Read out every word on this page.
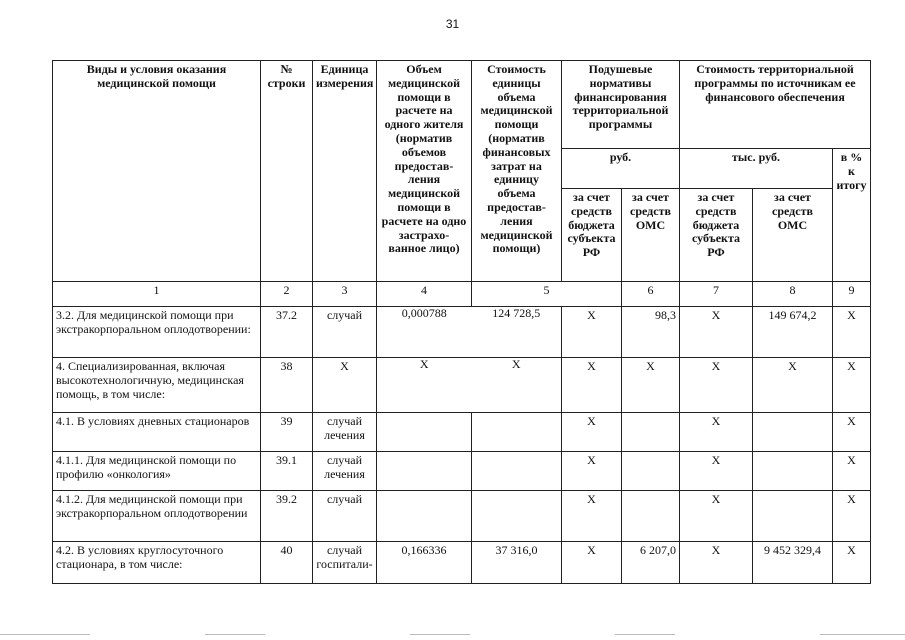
31
Виды и условия оказания медицинской помощи	№ строки	Единица измерения	Объем медицинской помощи в расчете на одного жителя (норматив объемов предостав-ления медицинской помощи в расчете на одно застрахо-ванное лицо)	Стоимость единицы объема медицинской помощи (норматив финансовых затрат на единицу объема предостав-ления медицинской помощи)	Подушевые нормативы финансирования территориальной программы		Стоимость территориальной программы по источникам ее финансового обеспечения		
					руб.		тыс. руб.		в % к итогу
					за счет средств бюджета субъекта РФ	за счет средств ОМС	за счет средств бюджета субъекта РФ	за счет средств ОМС	
1	2	3	4	5		6	7	8	9
3.2. Для медицинской помощи при экстракорпоральном оплодотворении:	37.2	случай	0,000788 124 728,5		Х	98,3	Х	149 674,2	Х
4. Специализированная, включая высокотехнологичную, медицинская помощь, в том числе:	38	Х	Х Х		Х	Х	Х	Х	Х
4.1. В условиях дневных стационаров	39	случай лечения			Х		Х		Х
4.1.1. Для медицинской помощи по профилю «онкология»	39.1	случай лечения			Х		Х		Х
4.1.2. Для медицинской помощи при экстракорпоральном оплодотворении	39.2	случай			Х		Х		Х
4.2. В условиях круглосуточного стационара, в том числе:	40	случай госпитали-	0,166336	37 316,0	Х	6 207,0	Х	9 452 329,4	Х
